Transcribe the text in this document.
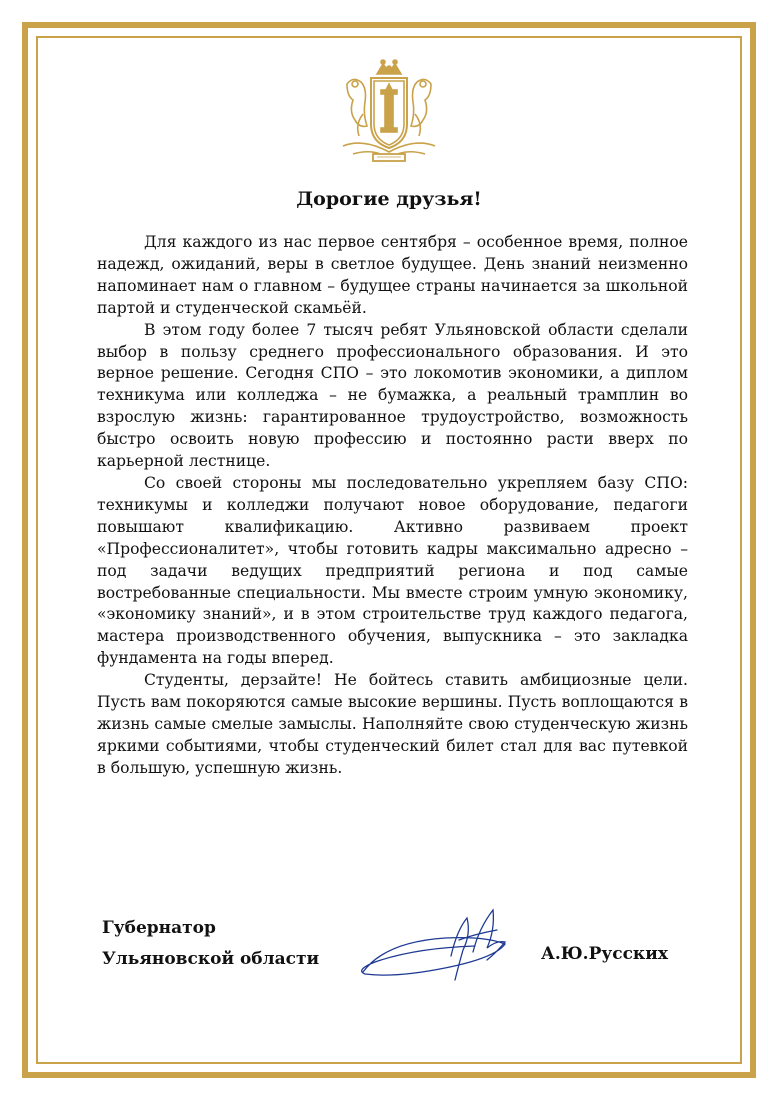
Дорогие друзья!

Для каждого из нас первое сентября – особенное время, полное надежд, ожиданий, веры в светлое будущее. День знаний неизменно напоминает нам о главном – будущее страны начинается за школьной партой и студенческой скамьёй.

В этом году более 7 тысяч ребят Ульяновской области сделали выбор в пользу среднего профессионального образования. И это верное решение. Сегодня СПО – это локомотив экономики, а диплом техникума или колледжа – не бумажка, а реальный трамплин во взрослую жизнь: гарантированное трудоустройство, возможность быстро освоить новую профессию и постоянно расти вверх по карьерной лестнице.

Со своей стороны мы последовательно укрепляем базу СПО: техникумы и колледжи получают новое оборудование, педагоги повышают квалификацию. Активно развиваем проект «Профессионалитет», чтобы готовить кадры максимально адресно – под задачи ведущих предприятий региона и под самые востребованные специальности. Мы вместе строим умную экономику, «экономику знаний», и в этом строительстве труд каждого педагога, мастера производственного обучения, выпускника – это закладка фундамента на годы вперед.

Студенты, дерзайте! Не бойтесь ставить амбициозные цели. Пусть вам покоряются самые высокие вершины. Пусть воплощаются в жизнь самые смелые замыслы. Наполняйте свою студенческую жизнь яркими событиями, чтобы студенческий билет стал для вас путевкой в большую, успешную жизнь.

Губернатор
Ульяновской области	А.Ю.Русских
